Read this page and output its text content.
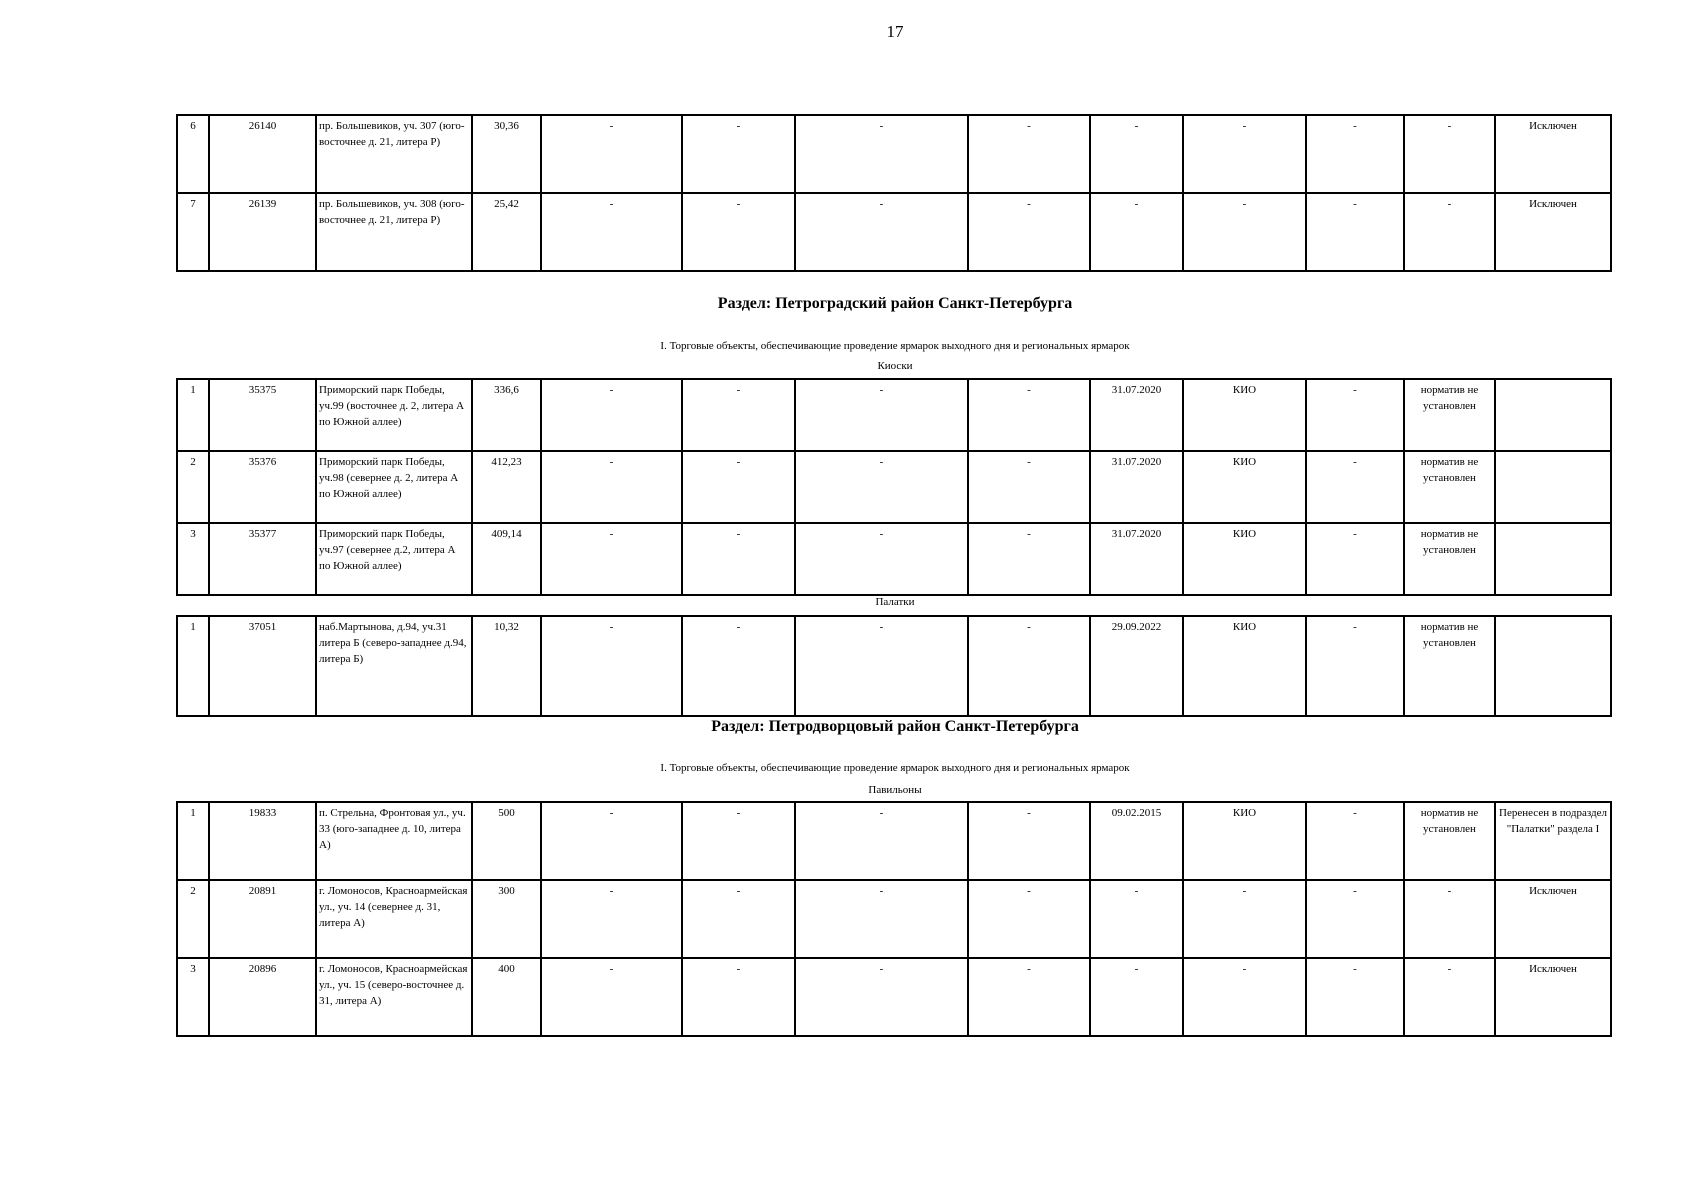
17
6	26140	пр. Большевиков, уч. 307 (юго-восточнее д. 21, литера Р)	30,36	-	-	-	-	-	-	-	-	Исключен
7	26139	пр. Большевиков, уч. 308 (юго-восточнее д. 21, литера Р)	25,42	-	-	-	-	-	-	-	-	Исключен
Раздел: Петроградский район Санкт-Петербурга
I. Торговые объекты, обеспечивающие проведение ярмарок выходного дня и региональных ярмарок
Киоски
1	35375	Приморский парк Победы, уч.99 (восточнее д. 2, литера А по Южной аллее)	336,6	-	-	-	-	31.07.2020	КИО	-	норматив не установлен	
2	35376	Приморский парк Победы, уч.98 (севернее д. 2, литера А по Южной аллее)	412,23	-	-	-	-	31.07.2020	КИО	-	норматив не установлен	
3	35377	Приморский парк Победы, уч.97 (севернее д.2, литера А по Южной аллее)	409,14	-	-	-	-	31.07.2020	КИО	-	норматив не установлен	
Палатки
1	37051	наб.Мартынова, д.94, уч.31 литера Б (северо-западнее д.94, литера Б)	10,32	-	-	-	-	29.09.2022	КИО	-	норматив не установлен	
Раздел: Петродворцовый район Санкт-Петербурга
I. Торговые объекты, обеспечивающие проведение ярмарок выходного дня и региональных ярмарок
Павильоны
1	19833	п. Стрельна, Фронтовая ул., уч. 33 (юго-западнее д. 10, литера А)	500	-	-	-	-	09.02.2015	КИО	-	норматив не установлен	Перенесен в подраздел "Палатки" раздела I
2	20891	г. Ломоносов, Красноармейская ул., уч. 14 (севернее д. 31, литера А)	300	-	-	-	-	-	-	-	-	Исключен
3	20896	г. Ломоносов, Красноармейская ул., уч. 15 (северо-восточнее д. 31, литера А)	400	-	-	-	-	-	-	-	-	Исключен
